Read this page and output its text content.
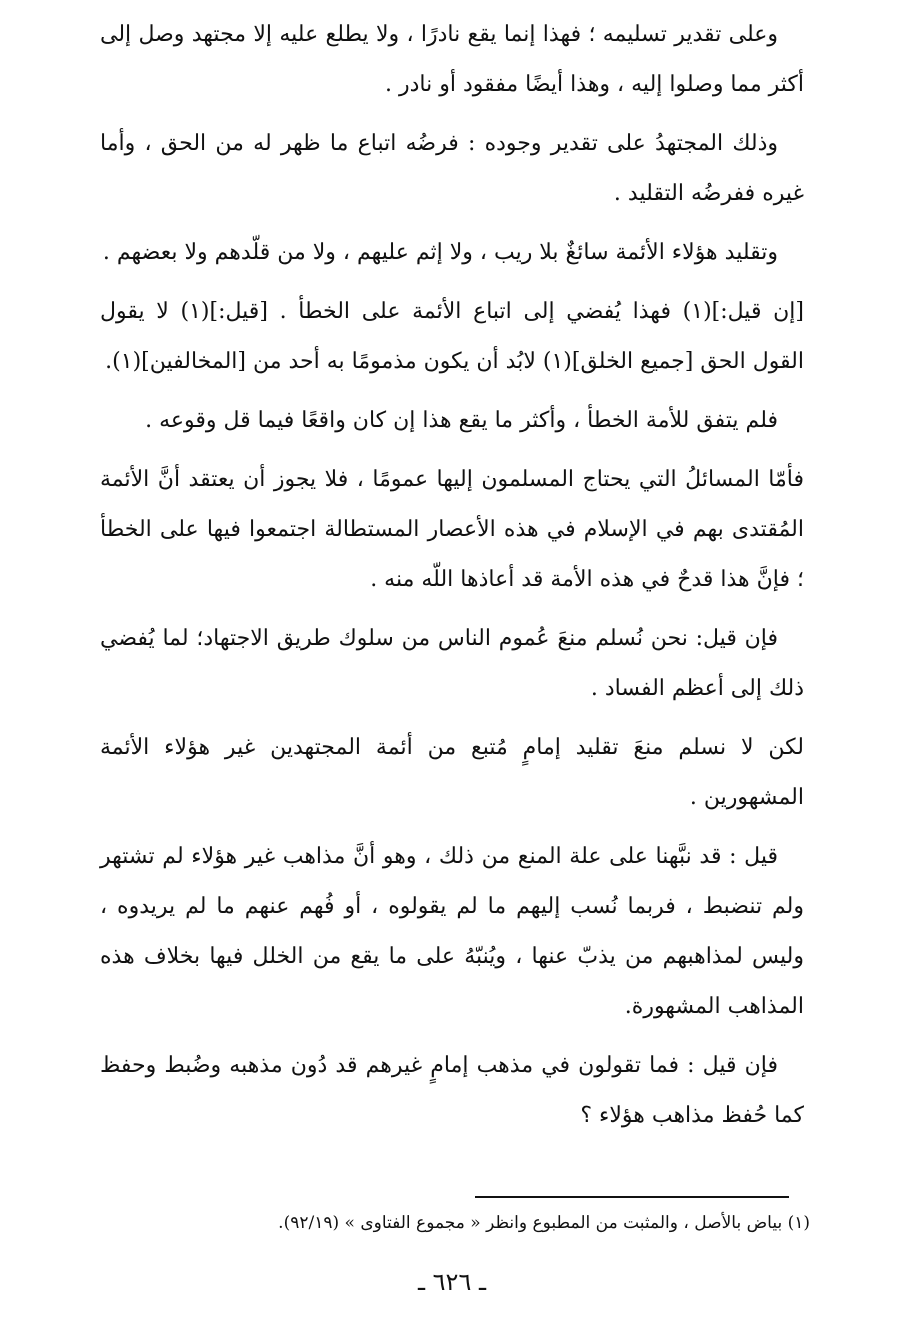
وعلى تقدير تسليمه ؛ فهذا إنما يقع نادرًا ، ولا يطلع عليه إلا مجتهد وصل إلى أكثر مما وصلوا إليه ، وهذا أيضًا مفقود أو نادر .

وذلك المجتهدُ على تقدير وجوده : فرضُه اتباع ما ظهر له من الحق ، وأما غيره ففرضُه التقليد .

وتقليد هؤلاء الأئمة سائغٌ بلا ريب ، ولا إثم عليهم ، ولا من قلّدهم ولا بعضهم .

[إن قيل:](١) فهذا يُفضي إلى اتباع الأئمة على الخطأ . [قيل:](١) لا يقول القول الحق [جميع الخلق](١) لابُد أن يكون مذمومًا به أحد من [المخالفين](١).

فلم يتفق للأمة الخطأ ، وأكثر ما يقع هذا إن كان واقعًا فيما قل وقوعه .

فأمّا المسائلُ التي يحتاج المسلمون إليها عمومًا ، فلا يجوز أن يعتقد أنَّ الأئمة المُقتدى بهم في الإسلام في هذه الأعصار المستطالة اجتمعوا فيها على الخطأ ؛ فإنَّ هذا قدحٌ في هذه الأمة قد أعاذها اللّه منه .

فإن قيل: نحن نُسلم منعَ عُموم الناس من سلوك طريق الاجتهاد؛ لما يُفضي ذلك إلى أعظم الفساد .

لكن لا نسلم منعَ تقليد إمامٍ مُتبع من أئمة المجتهدين غير هؤلاء الأئمة المشهورين .

قيل : قد نبَّهنا على علة المنع من ذلك ، وهو أنَّ مذاهب غير هؤلاء لم تشتهر ولم تنضبط ، فربما نُسب إليهم ما لم يقولوه ، أو فُهم عنهم ما لم يريدوه ، وليس لمذاهبهم من يذبّ عنها ، ويُنبّهُ على ما يقع من الخلل فيها بخلاف هذه المذاهب المشهورة.

فإن قيل : فما تقولون في مذهب إمامٍ غيرهم قد دُون مذهبه وضُبط وحفظ كما حُفظ مذاهب هؤلاء ؟

(١) بياض بالأصل ، والمثبت من المطبوع وانظر « مجموع الفتاوى » (٩٢/١٩).
ـ ٦٢٦ ـ
